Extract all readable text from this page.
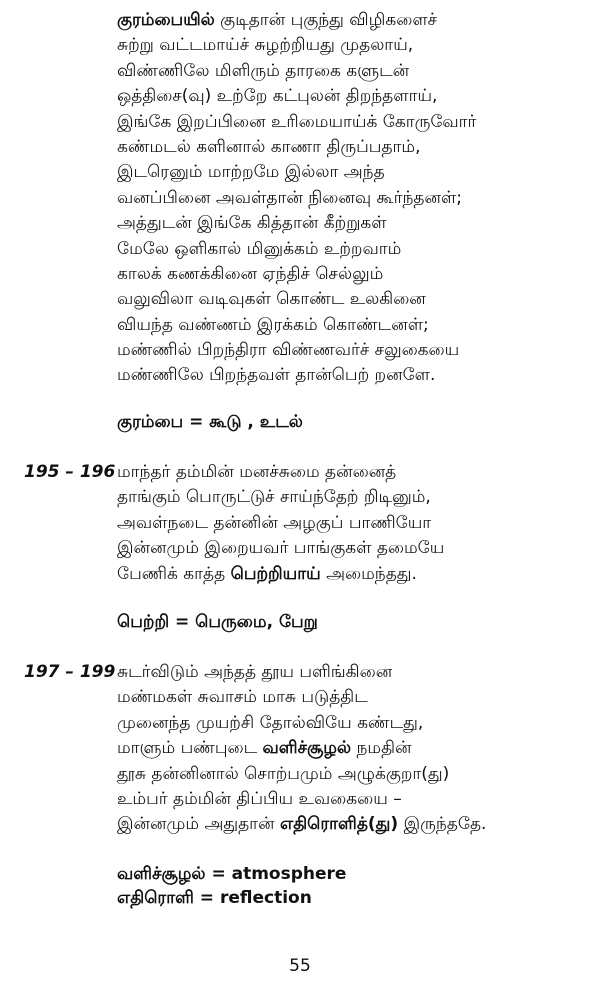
குரம்பையில் குடிதான் புகுந்து விழிகளைச்
சுற்று வட்டமாய்ச் சுழற்றியது முதலாய்,
விண்ணிலே மிளிரும் தாரகை களுடன்
ஒத்திசை(வு) உற்றே கட்புலன் திறந்தளாய்,
இங்கே இறப்பினை உரிமையாய்க் கோருவோர்
கண்மடல் களினால் காணா திருப்பதாம்,
இடரெனும் மாற்றமே இல்லா அந்த
வனப்பினை அவள்தான் நினைவு கூர்ந்தனள்;
அத்துடன் இங்கே கித்தான் கீற்றுகள்
மேலே ஒளிகால் மினுக்கம் உற்றவாம்
காலக் கணக்கினை ஏந்திச் செல்லும்
வலுவிலா வடிவுகள் கொண்ட உலகினை
வியந்த வண்ணம் இரக்கம் கொண்டனள்;
மண்ணில் பிறந்திரா விண்ணவர்ச் சலுகையை
மண்ணிலே பிறந்தவள் தான்பெற் றனளே.
குரம்பை = கூடு , உடல்
195 – 196 மாந்தர் தம்மின் மனச்சுமை தன்னைத்
தாங்கும் பொருட்டுச் சாய்ந்தேற் றிடினும்,
அவள்நடை தன்னின் அழகுப் பாணியோ
இன்னமும் இறையவர் பாங்குகள் தமையே
பேணிக் காத்த பெற்றியாய் அமைந்தது.
பெற்றி = பெருமை, பேறு
197 – 199 சுடர்விடும் அந்தத் தூய பளிங்கினை
மண்மகள் சுவாசம் மாசு படுத்திட
முனைந்த முயற்சி தோல்வியே கண்டது,
மாளும் பண்புடை வளிச்சூழல் நமதின்
தூசு தன்னினால் சொற்பமும் அழுக்குறா(து)
உம்பர் தம்மின் திப்பிய உவகையை –
இன்னமும் அதுதான் எதிரொளித்(து) இருந்ததே.
வளிச்சூழல் = atmosphere
எதிரொளி = reflection
55
